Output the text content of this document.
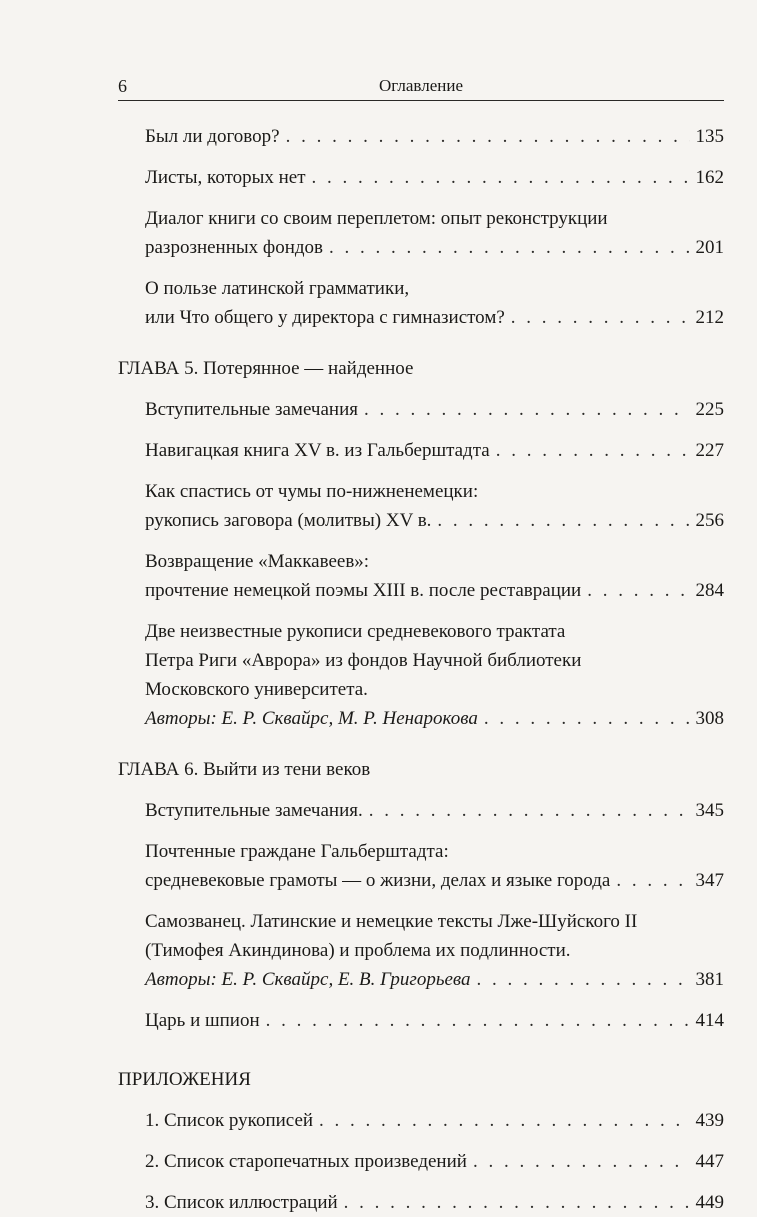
6	Оглавление
Был ли договор? . . .	135
Листы, которых нет . . .	162
Диалог книги со своим переплетом: опыт реконструкции
разрозненных фондов . . .	201
О пользе латинской грамматики,
или Что общего у директора с гимназистом? . . .	212
ГЛАВА 5. Потерянное — найденное
Вступительные замечания . . .	225
Навигацкая книга XV в. из Гальберштадта . . .	227
Как спастись от чумы по-нижненемецки:
рукопись заговора (молитвы) XV в. . . .	256
Возвращение «Маккавеев»:
прочтение немецкой поэмы XIII в. после реставрации . . .	284
Две неизвестные рукописи средневекового трактата
Петра Риги «Аврора» из фондов Научной библиотеки
Московского университета.
Авторы: Е. Р. Сквайрс, М. Р. Ненарокова . . .	308
ГЛАВА 6. Выйти из тени веков
Вступительные замечания. . . .	345
Почтенные граждане Гальберштадта:
средневековые грамоты — о жизни, делах и языке города . . .	347
Самозванец. Латинские и немецкие тексты Лже-Шуйского II
(Тимофея Акиндинова) и проблема их подлинности.
Авторы: Е. Р. Сквайрс, Е. В. Григорьева . . .	381
Царь и шпион . . .	414
ПРИЛОЖЕНИЯ
1. Список рукописей . . .	439
2. Список старопечатных произведений . . .	447
3. Список иллюстраций . . .	449
